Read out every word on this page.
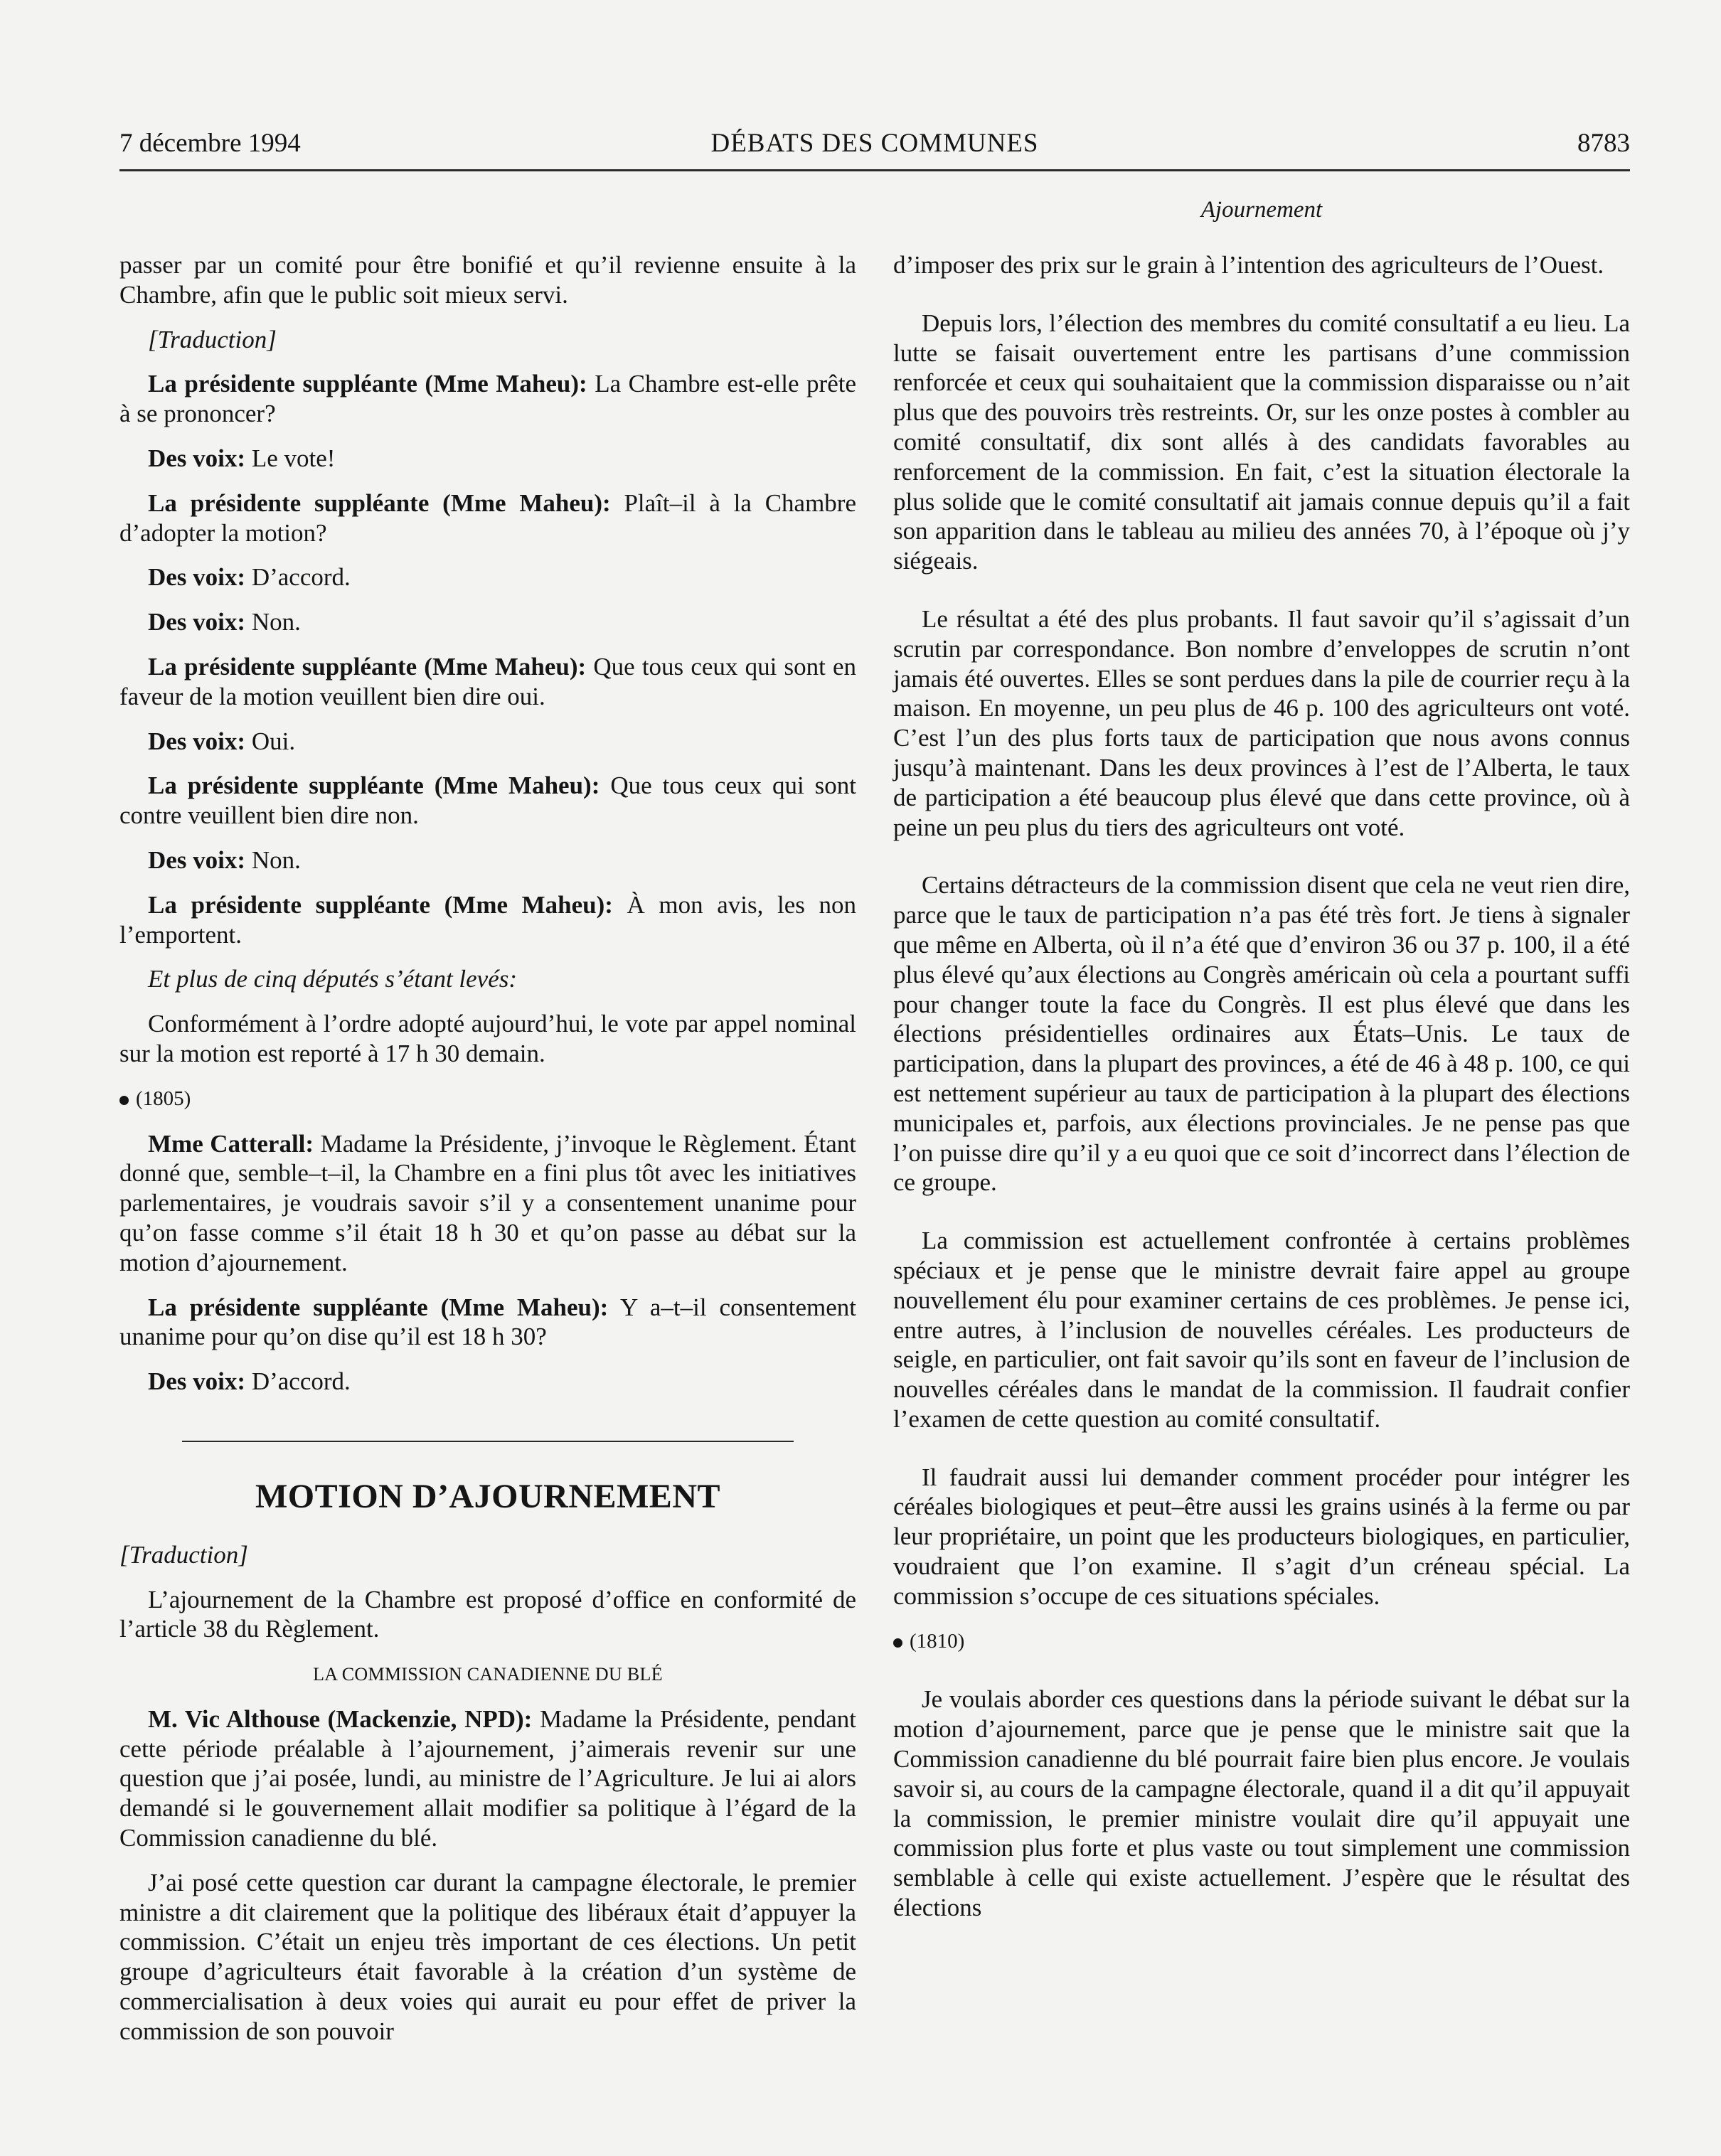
7 décembre 1994	DÉBATS DES COMMUNES	8783
Ajournement

passer par un comité pour être bonifié et qu’il revienne ensuite à la Chambre, afin que le public soit mieux servi.

[Traduction]

La présidente suppléante (Mme Maheu): La Chambre est-elle prête à se prononcer?

Des voix: Le vote!

La présidente suppléante (Mme Maheu): Plaît–il à la Chambre d’adopter la motion?

Des voix: D’accord.

Des voix: Non.

La présidente suppléante (Mme Maheu): Que tous ceux qui sont en faveur de la motion veuillent bien dire oui.

Des voix: Oui.

La présidente suppléante (Mme Maheu): Que tous ceux qui sont contre veuillent bien dire non.

Des voix: Non.

La présidente suppléante (Mme Maheu): À mon avis, les non l’emportent.

Et plus de cinq députés s’étant levés:

Conformément à l’ordre adopté aujourd’hui, le vote par appel nominal sur la motion est reporté à 17 h 30 demain.

(1805)

Mme Catterall: Madame la Présidente, j’invoque le Règlement. Étant donné que, semble–t–il, la Chambre en a fini plus tôt avec les initiatives parlementaires, je voudrais savoir s’il y a consentement unanime pour qu’on fasse comme s’il était 18 h 30 et qu’on passe au débat sur la motion d’ajournement.

La présidente suppléante (Mme Maheu): Y a–t–il consentement unanime pour qu’on dise qu’il est 18 h 30?

Des voix: D’accord.

MOTION D’AJOURNEMENT

[Traduction]

L’ajournement de la Chambre est proposé d’office en conformité de l’article 38 du Règlement.

LA COMMISSION CANADIENNE DU BLÉ

M. Vic Althouse (Mackenzie, NPD): Madame la Présidente, pendant cette période préalable à l’ajournement, j’aimerais revenir sur une question que j’ai posée, lundi, au ministre de l’Agriculture. Je lui ai alors demandé si le gouvernement allait modifier sa politique à l’égard de la Commission canadienne du blé.

J’ai posé cette question car durant la campagne électorale, le premier ministre a dit clairement que la politique des libéraux était d’appuyer la commission. C’était un enjeu très important de ces élections. Un petit groupe d’agriculteurs était favorable à la création d’un système de commercialisation à deux voies qui aurait eu pour effet de priver la commission de son pouvoir

d’imposer des prix sur le grain à l’intention des agriculteurs de l’Ouest.

Depuis lors, l’élection des membres du comité consultatif a eu lieu. La lutte se faisait ouvertement entre les partisans d’une commission renforcée et ceux qui souhaitaient que la commission disparaisse ou n’ait plus que des pouvoirs très restreints. Or, sur les onze postes à combler au comité consultatif, dix sont allés à des candidats favorables au renforcement de la commission. En fait, c’est la situation électorale la plus solide que le comité consultatif ait jamais connue depuis qu’il a fait son apparition dans le tableau au milieu des années 70, à l’époque où j’y siégeais.

Le résultat a été des plus probants. Il faut savoir qu’il s’agissait d’un scrutin par correspondance. Bon nombre d’enveloppes de scrutin n’ont jamais été ouvertes. Elles se sont perdues dans la pile de courrier reçu à la maison. En moyenne, un peu plus de 46 p. 100 des agriculteurs ont voté. C’est l’un des plus forts taux de participation que nous avons connus jusqu’à maintenant. Dans les deux provinces à l’est de l’Alberta, le taux de participation a été beaucoup plus élevé que dans cette province, où à peine un peu plus du tiers des agriculteurs ont voté.

Certains détracteurs de la commission disent que cela ne veut rien dire, parce que le taux de participation n’a pas été très fort. Je tiens à signaler que même en Alberta, où il n’a été que d’environ 36 ou 37 p. 100, il a été plus élevé qu’aux élections au Congrès américain où cela a pourtant suffi pour changer toute la face du Congrès. Il est plus élevé que dans les élections présidentielles ordinaires aux États–Unis. Le taux de participation, dans la plupart des provinces, a été de 46 à 48 p. 100, ce qui est nettement supérieur au taux de participation à la plupart des élections municipales et, parfois, aux élections provinciales. Je ne pense pas que l’on puisse dire qu’il y a eu quoi que ce soit d’incorrect dans l’élection de ce groupe.

La commission est actuellement confrontée à certains problèmes spéciaux et je pense que le ministre devrait faire appel au groupe nouvellement élu pour examiner certains de ces problèmes. Je pense ici, entre autres, à l’inclusion de nouvelles céréales. Les producteurs de seigle, en particulier, ont fait savoir qu’ils sont en faveur de l’inclusion de nouvelles céréales dans le mandat de la commission. Il faudrait confier l’examen de cette question au comité consultatif.

Il faudrait aussi lui demander comment procéder pour intégrer les céréales biologiques et peut–être aussi les grains usinés à la ferme ou par leur propriétaire, un point que les producteurs biologiques, en particulier, voudraient que l’on examine. Il s’agit d’un créneau spécial. La commission s’occupe de ces situations spéciales.

(1810)

Je voulais aborder ces questions dans la période suivant le débat sur la motion d’ajournement, parce que je pense que le ministre sait que la Commission canadienne du blé pourrait faire bien plus encore. Je voulais savoir si, au cours de la campagne électorale, quand il a dit qu’il appuyait la commission, le premier ministre voulait dire qu’il appuyait une commission plus forte et plus vaste ou tout simplement une commission semblable à celle qui existe actuellement. J’espère que le résultat des élections
